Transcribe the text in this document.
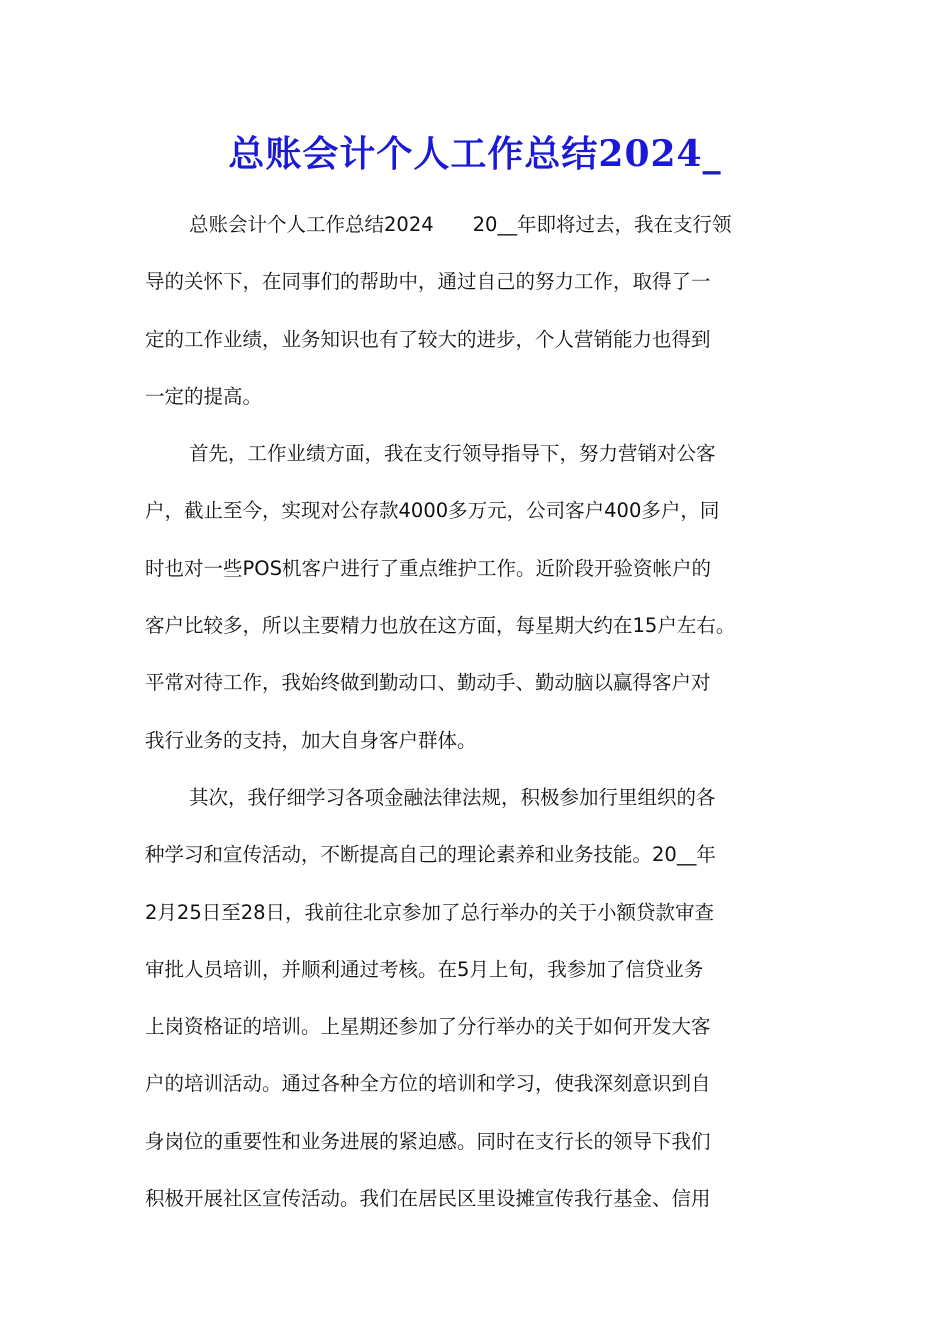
总账会计个人工作总结2024_

总账会计个人工作总结2024　　20__年即将过去，我在支行领

导的关怀下，在同事们的帮助中，通过自己的努力工作，取得了一

定的工作业绩，业务知识也有了较大的进步，个人营销能力也得到

一定的提高。

首先，工作业绩方面，我在支行领导指导下，努力营销对公客

户，截止至今，实现对公存款4000多万元，公司客户400多户，同

时也对一些POS机客户进行了重点维护工作。近阶段开验资帐户的

客户比较多，所以主要精力也放在这方面，每星期大约在15户左右。

平常对待工作，我始终做到勤动口、勤动手、勤动脑以赢得客户对

我行业务的支持，加大自身客户群体。

其次，我仔细学习各项金融法律法规，积极参加行里组织的各

种学习和宣传活动，不断提高自己的理论素养和业务技能。20__年

2月25日至28日，我前往北京参加了总行举办的关于小额贷款审查

审批人员培训，并顺利通过考核。在5月上旬，我参加了信贷业务

上岗资格证的培训。上星期还参加了分行举办的关于如何开发大客

户的培训活动。通过各种全方位的培训和学习，使我深刻意识到自

身岗位的重要性和业务进展的紧迫感。同时在支行长的领导下我们

积极开展社区宣传活动。我们在居民区里设摊宣传我行基金、信用
